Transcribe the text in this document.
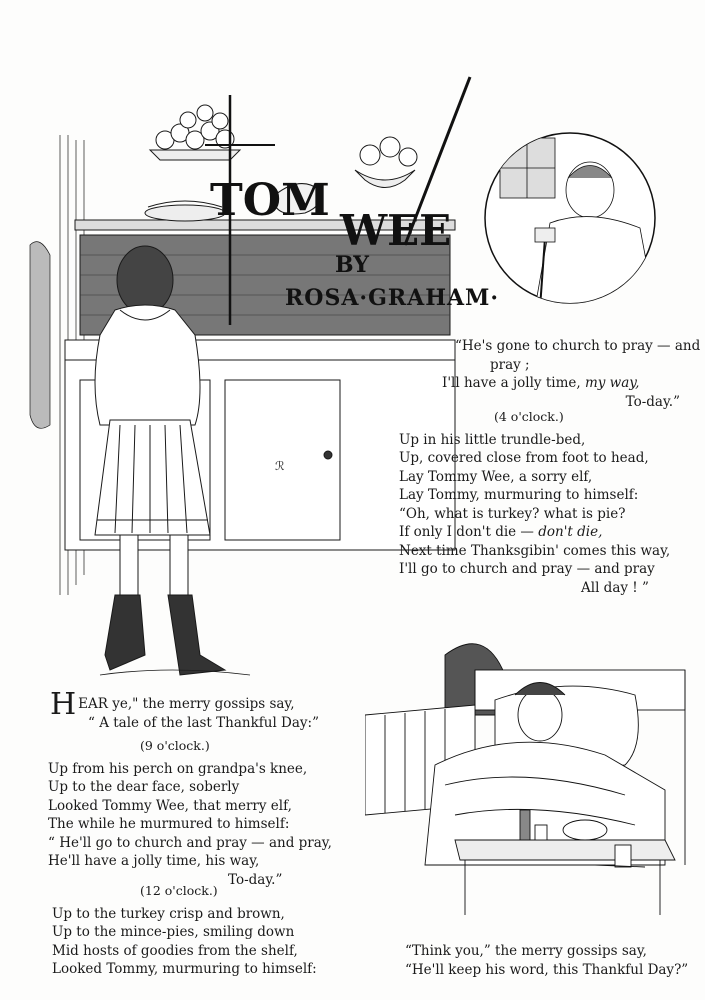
ℛ
TOM
WEE
BY
ROSA·GRAHAM·
H EAR ye," the merry gossips say,
“ A tale of the last Thankful Day:”
(9 o'clock.)
Up from his perch on grandpa's knee,
Up to the dear face, soberly
Looked Tommy Wee, that merry elf,
The while he murmured to himself:
“ He'll go to church and pray — and pray,
He'll have a jolly time, his way,
To-day.”
(12 o'clock.)
Up to the turkey crisp and brown,
Up to the mince-pies, smiling down
Mid hosts of goodies from the shelf,
Looked Tommy, murmuring to himself:
“He's gone to church to pray — and
pray ;
I'll have a jolly time, my way,
To-day.”
(4 o'clock.)
Up in his little trundle-bed,
Up, covered close from foot to head,
Lay Tommy Wee, a sorry elf,
Lay Tommy, murmuring to himself:
“Oh, what is turkey? what is pie?
If only I don't die — don't die,
Next time Thanksgibin' comes this way,
I'll go to church and pray — and pray
All day ! ”
“Think you,” the merry gossips say,
“He'll keep his word, this Thankful Day?”
